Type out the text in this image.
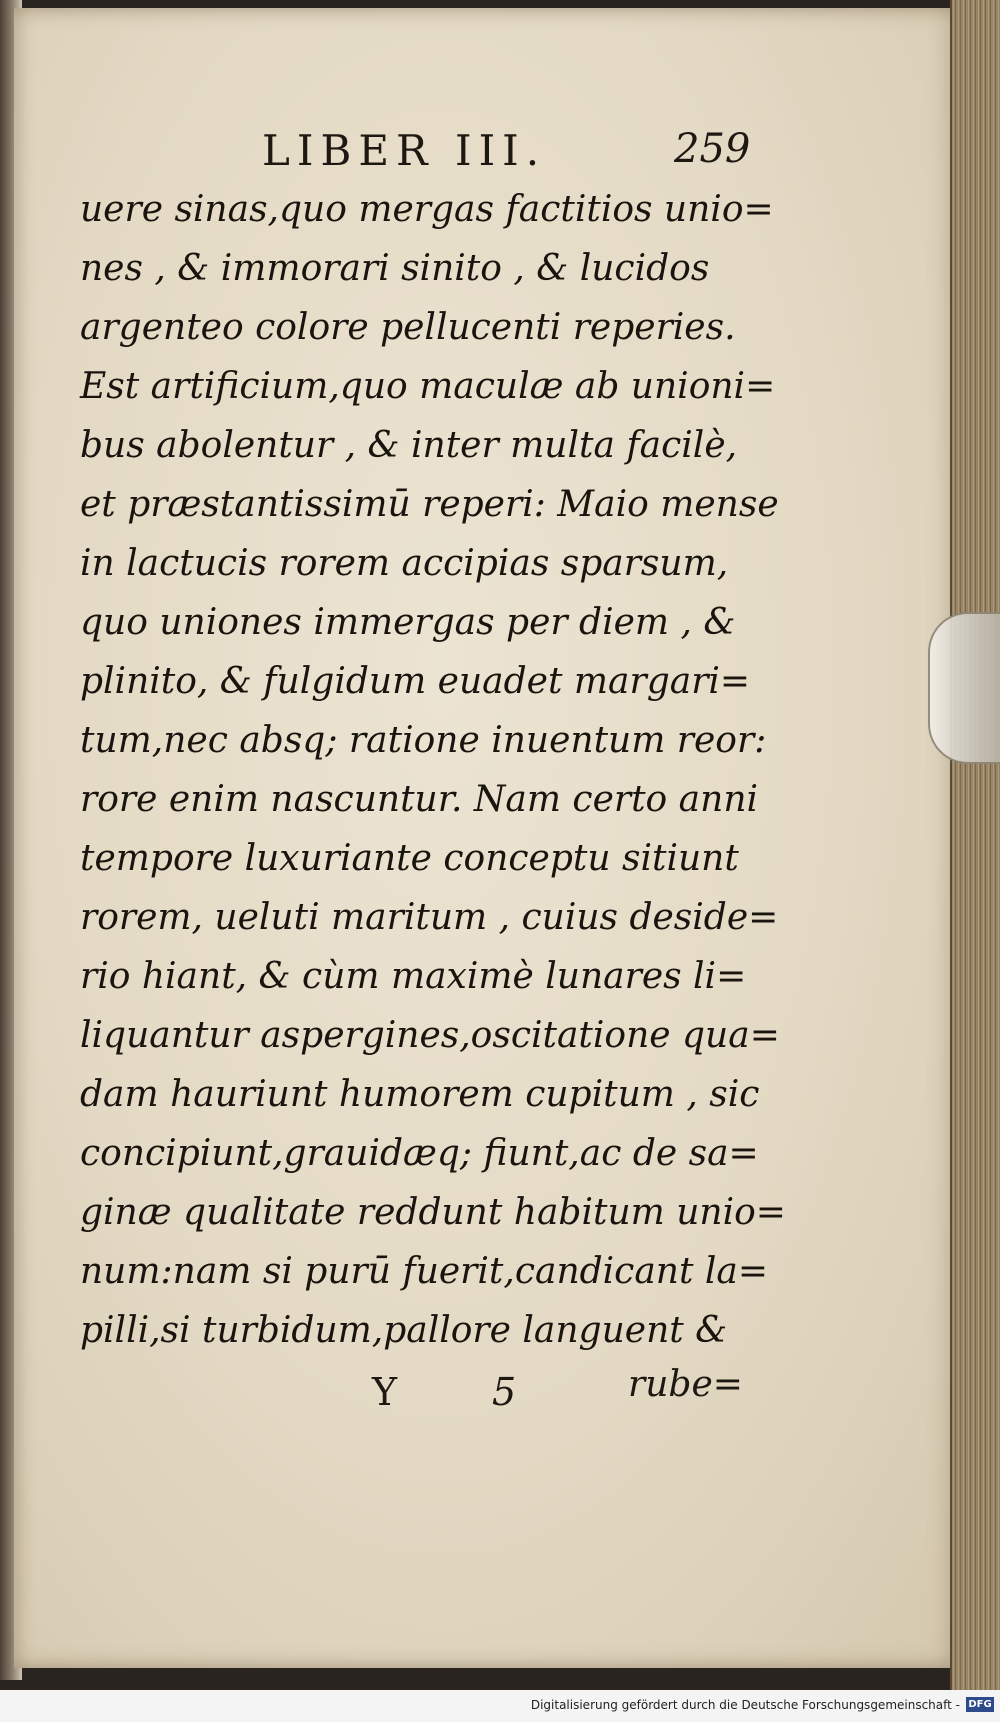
LIBER III.	259
uere sinas,quo mergas factitios unio=
nes , & immorari sinito , & lucidos
argenteo colore pellucenti reperies.
Est artificium,quo maculæ ab unioni=
bus abolentur , & inter multa facilè,
et præstantissimū reperi: Maio mense
in lactucis rorem accipias sparsum,
quo uniones immergas per diem , &
plinito, & fulgidum euadet margari=
tum,nec absq; ratione inuentum reor:
rore enim nascuntur. Nam certo anni
tempore luxuriante conceptu sitiunt
rorem, ueluti maritum , cuius deside=
rio hiant, & cùm maximè lunares li=
liquantur aspergines,oscitatione qua=
dam hauriunt humorem cupitum , sic
concipiunt,grauidæq; fiunt,ac de sa=
ginæ qualitate reddunt habitum unio=
num:nam si purū fuerit,candicant la=
pilli,si turbidum,pallore languent &
Y 5	rube=
Digitalisierung gefördert durch die Deutsche Forschungsgemeinschaft - DFG
